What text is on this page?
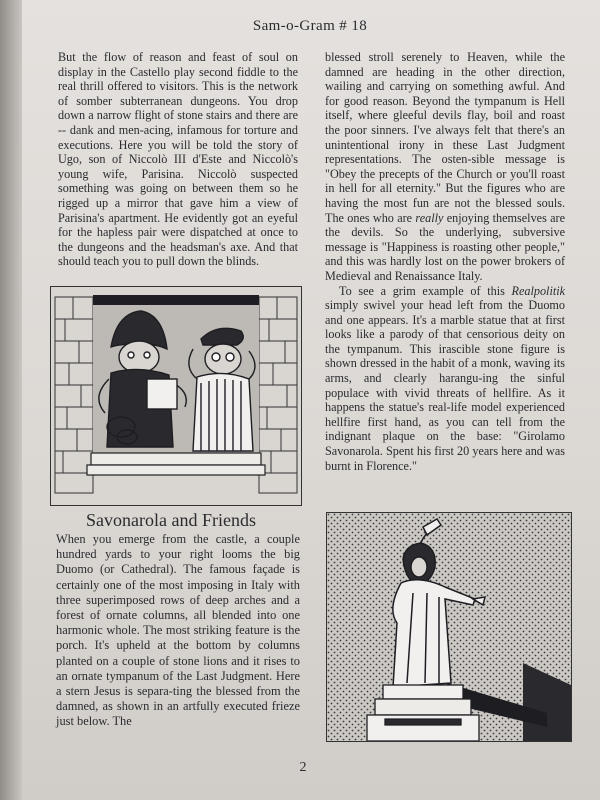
Sam-o-Gram # 18

But the flow of reason and feast of soul on display in the Castello play second fiddle to the real thrill offered to visitors. This is the network of somber subterranean dungeons. You drop down a narrow flight of stone stairs and there are -- dank and men-acing, infamous for torture and executions. Here you will be told the story of Ugo, son of Niccolò III d'Este and Niccolò's young wife, Parisina. Niccolò suspected something was going on between them so he rigged up a mirror that gave him a view of Parisina's apartment. He evidently got an eyeful for the hapless pair were dispatched at once to the dungeons and the headsman's axe. And that should teach you to pull down the blinds.

Savonarola and Friends

When you emerge from the castle, a couple hundred yards to your right looms the big Duomo (or Cathedral). The famous façade is certainly one of the most imposing in Italy with three superimposed rows of deep arches and a forest of ornate columns, all blended into one harmonic whole. The most striking feature is the porch. It's upheld at the bottom by columns planted on a couple of stone lions and it rises to an ornate tympanum of the Last Judgment. Here a stern Jesus is separa-ting the blessed from the damned, as shown in an artfully executed frieze just below. The

blessed stroll serenely to Heaven, while the damned are heading in the other direction, wailing and carrying on something awful. And for good reason. Beyond the tympanum is Hell itself, where gleeful devils flay, boil and roast the poor sinners. I've always felt that there's an unintentional irony in these Last Judgment representations. The osten-sible message is "Obey the precepts of the Church or you'll roast in hell for all eternity." But the figures who are having the most fun are not the blessed souls. The ones who are really enjoying themselves are the devils. So the underlying, subversive message is "Happiness is roasting other people," and this was hardly lost on the power brokers of Medieval and Renaissance Italy.

To see a grim example of this Realpolitik simply swivel your head left from the Duomo and one appears. It's a marble statue that at first looks like a parody of that censorious deity on the tympanum. This irascible stone figure is shown dressed in the habit of a monk, waving its arms, and clearly harangu-ing the sinful populace with vivid threats of hellfire. As it happens the statue's real-life model experienced hellfire first hand, as you can tell from the indignant plaque on the base: "Girolamo Savonarola. Spent his first 20 years here and was burnt in Florence."

2
